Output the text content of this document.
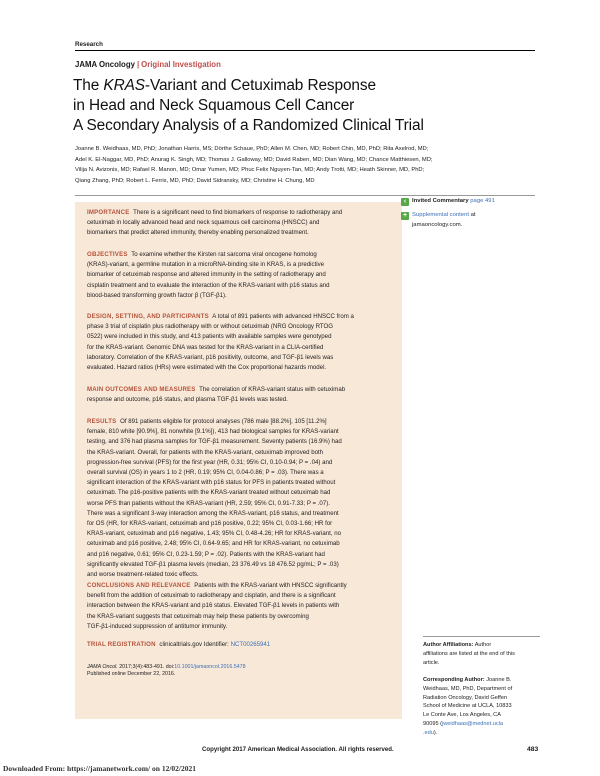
Research
JAMA Oncology | Original Investigation
The KRAS-Variant and Cetuximab Response
in Head and Neck Squamous Cell Cancer
A Secondary Analysis of a Randomized Clinical Trial
Joanne B. Weidhaas, MD, PhD; Jonathan Harris, MS; Dörthe Schaue, PhD; Allen M. Chen, MD; Robert Chin, MD, PhD; Rita Axelrod, MD;
Adel K. El-Naggar, MD, PhD; Anurag K. Singh, MD; Thomas J. Galloway, MD; David Raben, MD; Dian Wang, MD; Chance Matthiesen, MD;
Vilija N. Avizonis, MD; Rafael R. Manon, MD; Omar Yumen, MD; Phuc Felix Nguyen-Tan, MD; Andy Trotti, MD; Heath Skinner, MD, PhD;
Qiang Zhang, PhD; Robert L. Ferris, MD, PhD; David Sidransky, MD; Christine H. Chung, MD
IMPORTANCE There is a significant need to find biomarkers of response to radiotherapy and
cetuximab in locally advanced head and neck squamous cell carcinoma (HNSCC) and
biomarkers that predict altered immunity, thereby enabling personalized treatment.
OBJECTIVES To examine whether the Kirsten rat sarcoma viral oncogene homolog
(KRAS)-variant, a germline mutation in a microRNA-binding site in KRAS, is a predictive
biomarker of cetuximab response and altered immunity in the setting of radiotherapy and
cisplatin treatment and to evaluate the interaction of the KRAS-variant with p16 status and
blood-based transforming growth factor β (TGF-β1).
DESIGN, SETTING, AND PARTICIPANTS A total of 891 patients with advanced HNSCC from a
phase 3 trial of cisplatin plus radiotherapy with or without cetuximab (NRG Oncology RTOG
0522) were included in this study, and 413 patients with available samples were genotyped
for the KRAS-variant. Genomic DNA was tested for the KRAS-variant in a CLIA-certified
laboratory. Correlation of the KRAS-variant, p16 positivity, outcome, and TGF-β1 levels was
evaluated. Hazard ratios (HRs) were estimated with the Cox proportional hazards model.
MAIN OUTCOMES AND MEASURES The correlation of KRAS-variant status with cetuximab
response and outcome, p16 status, and plasma TGF-β1 levels was tested.
RESULTS Of 891 patients eligible for protocol analyses (786 male [88.2%], 105 [11.2%]
female, 810 white [90.9%], 81 nonwhite [9.1%]), 413 had biological samples for KRAS-variant
testing, and 376 had plasma samples for TGF-β1 measurement. Seventy patients (16.9%) had
the KRAS-variant. Overall, for patients with the KRAS-variant, cetuximab improved both
progression-free survival (PFS) for the first year (HR, 0.31; 95% CI, 0.10-0.94; P = .04) and
overall survival (OS) in years 1 to 2 (HR, 0.19; 95% CI, 0.04-0.86; P = .03). There was a
significant interaction of the KRAS-variant with p16 status for PFS in patients treated without
cetuximab. The p16-positive patients with the KRAS-variant treated without cetuximab had
worse PFS than patients without the KRAS-variant (HR, 2.59; 95% CI, 0.91-7.33; P = .07).
There was a significant 3-way interaction among the KRAS-variant, p16 status, and treatment
for OS (HR, for KRAS-variant, cetuximab and p16 positive, 0.22; 95% CI, 0.03-1.66; HR for
KRAS-variant, cetuximab and p16 negative, 1.43; 95% CI, 0.48-4.26; HR for KRAS-variant, no
cetuximab and p16 positive, 2.48; 95% CI, 0.64-9.65; and HR for KRAS-variant, no cetuximab
and p16 negative, 0.61; 95% CI, 0.23-1.59; P = .02). Patients with the KRAS-variant had
significantly elevated TGF-β1 plasma levels (median, 23 376.49 vs 18 476.52 pg/mL; P = .03)
and worse treatment-related toxic effects.
CONCLUSIONS AND RELEVANCE Patients with the KRAS-variant with HNSCC significantly
benefit from the addition of cetuximab to radiotherapy and cisplatin, and there is a significant
interaction between the KRAS-variant and p16 status. Elevated TGF-β1 levels in patients with
the KRAS-variant suggests that cetuximab may help these patients by overcoming
TGF-β1-induced suppression of antitumor immunity.
TRIAL REGISTRATION clinicaltrials.gov Identifier: NCT00265941
JAMA Oncol. 2017;3(4):483-491. doi:10.1001/jamaoncol.2016.5478
Published online December 22, 2016.
‹ Invited Commentary page 491
+ Supplemental content at
jamaoncology.com.
Author Affiliations: Author
affiliations are listed at the end of this
article.
Corresponding Author: Joanne B.
Weidhaas, MD, PhD, Department of
Radiation Oncology, David Geffen
School of Medicine at UCLA, 10833
Le Conte Ave, Los Angeles, CA
90095 (jweidhaas@mednet.ucla
.edu).
Copyright 2017 American Medical Association. All rights reserved.	483
Downloaded From: https://jamanetwork.com/ on 12/02/2021
